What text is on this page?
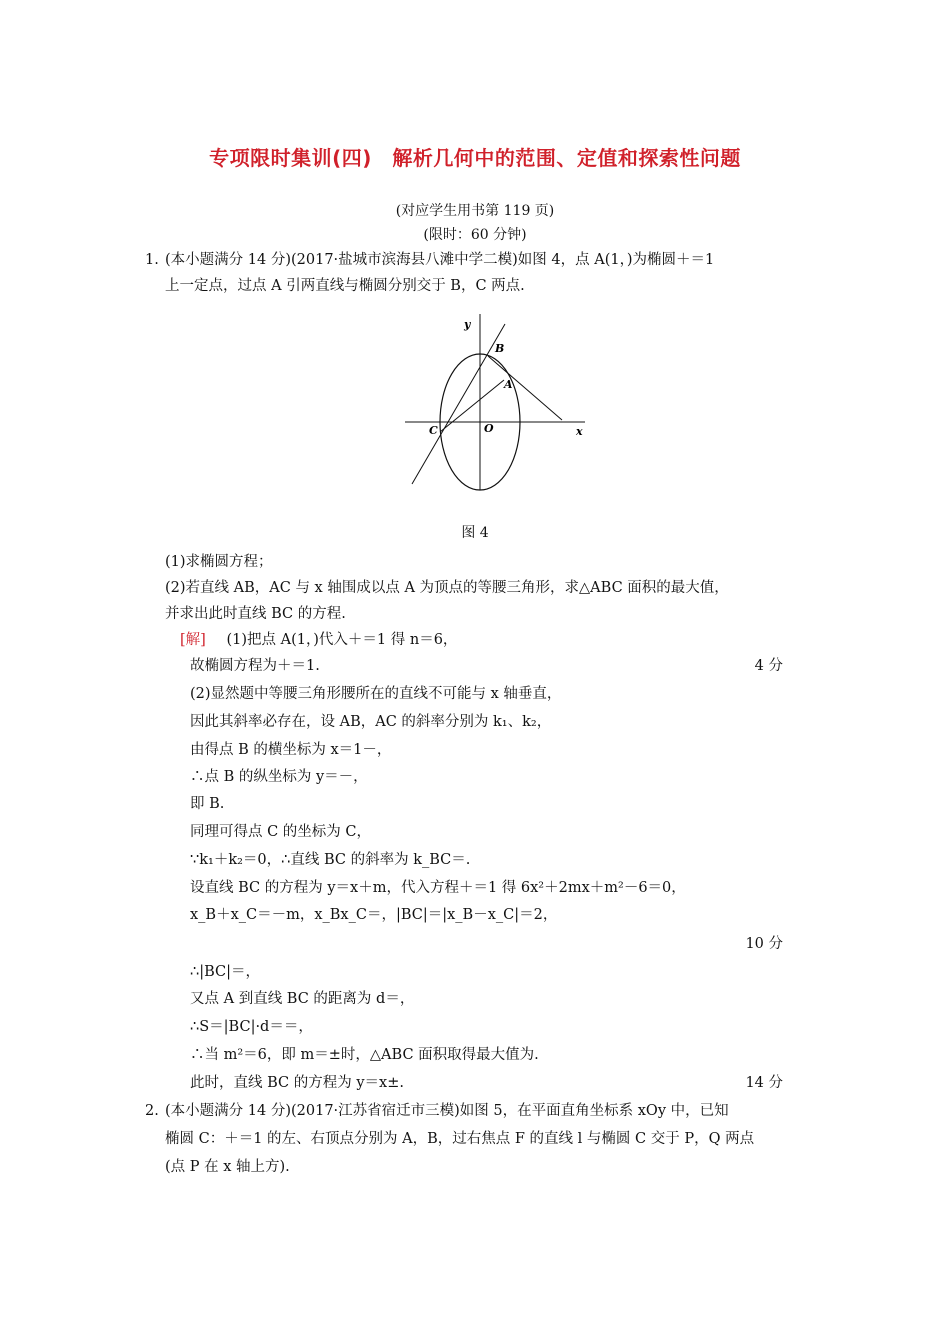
专项限时集训(四)　解析几何中的范围、定值和探索性问题
(对应学生用书第 119 页)
(限时：60 分钟)
1. (本小题满分 14 分)(2017·盐城市滨海县八滩中学二模)如图 4，点 A(1，)为椭圆＋＝1
上一定点，过点 A 引两直线与椭圆分别交于 B，C 两点.
y
x
B
A
C	O
图 4
(1)求椭圆方程；
(2)若直线 AB，AC 与 x 轴围成以点 A 为顶点的等腰三角形，求△ABC 面积的最大值，
并求出此时直线 BC 的方程.
[解] 　(1)把点 A(1，)代入＋＝1 得 n＝6，
故椭圆方程为＋＝1.	4 分
(2)显然题中等腰三角形腰所在的直线不可能与 x 轴垂直，
因此其斜率必存在，设 AB，AC 的斜率分别为 k₁、k₂，
由得点 B 的横坐标为 x＝1－，
∴点 B 的纵坐标为 y＝－，
即 B.
同理可得点 C 的坐标为 C，
∵k₁＋k₂＝0，∴直线 BC 的斜率为 k_BC＝.
设直线 BC 的方程为 y＝x＋m，代入方程＋＝1 得 6x²＋2mx＋m²－6＝0，
x_B＋x_C＝－m，x_Bx_C＝，|BC|＝|x_B－x_C|＝2，
10 分
∴|BC|＝，
又点 A 到直线 BC 的距离为 d＝，
∴S＝|BC|·d＝＝，
∴当 m²＝6，即 m＝±时，△ABC 面积取得最大值为.
此时，直线 BC 的方程为 y＝x±.	14 分
2. (本小题满分 14 分)(2017·江苏省宿迁市三模)如图 5，在平面直角坐标系 xOy 中，已知
椭圆 C：＋＝1 的左、右顶点分别为 A，B，过右焦点 F 的直线 l 与椭圆 C 交于 P，Q 两点
(点 P 在 x 轴上方).
